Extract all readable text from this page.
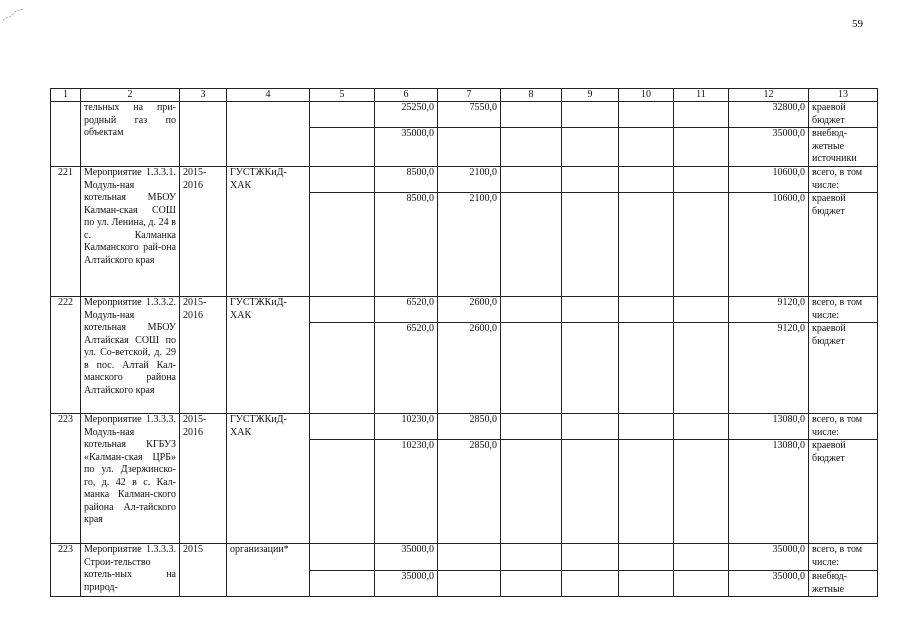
59
1	2	3	4	5	6	7	8	9	10	11	12	13
	тельных на при-родный газ по объектам				25250,0	7550,0					32800,0	краевой бюджет
					35000,0						35000,0	внебюд-жетные источники
221	Мероприятие 1.3.3.1. Модуль-ная котельная МБОУ Калман-ская СОШ по ул. Ленина, д. 24 в с. Калманка Калманского рай-она Алтайского края	2015-2016	ГУСТЖКиД-ХАК		8500,0	2100,0					10600,0	всего, в том числе:
					8500,0	2100,0					10600,0	краевой бюджет
222	Мероприятие 1.3.3.2. Модуль-ная котельная МБОУ Алтайская СОШ по ул. Со-ветской, д. 29 в пос. Алтай Кал-манского района Алтайского края	2015-2016	ГУСТЖКиД-ХАК		6520,0	2600,0					9120,0	всего, в том числе:
					6520,0	2600,0					9120,0	краевой бюджет
223	Мероприятие 1.3.3.3. Модуль-ная котельная КГБУЗ «Калман-ская ЦРБ» по ул. Дзержинско-го, д. 42 в с. Кал-манка Калман-ского района Ал-тайского края	2015-2016	ГУСТЖКиД-ХАК		10230,0	2850,0					13080,0	всего, в том числе:
					10230,0	2850,0					13080,0	краевой бюджет
223	Мероприятие 1.3.3.3. Строи-тельство котель-ных на природ-	2015	организации*		35000,0						35000,0	всего, в том числе:
					35000,0						35000,0	внебюд-жетные
